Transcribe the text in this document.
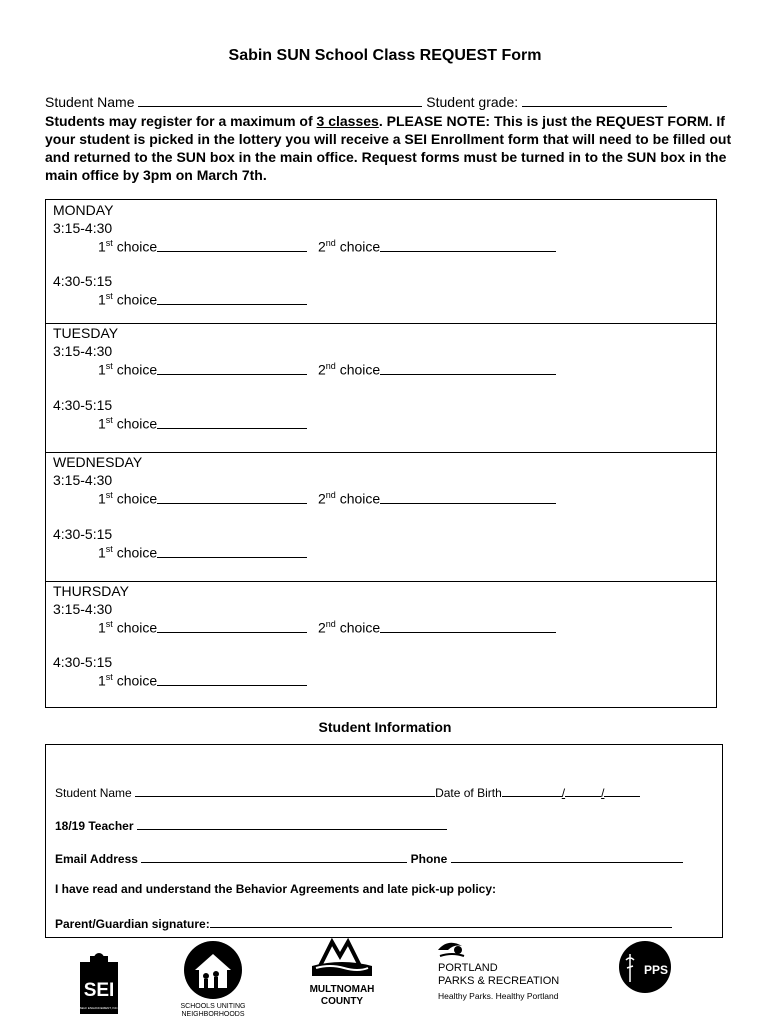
Sabin SUN School Class REQUEST Form
Student Name	Student grade:
Students may register for a maximum of 3 classes. PLEASE NOTE: This is just the REQUEST FORM. If your student is picked in the lottery you will receive a SEI Enrollment form that will need to be filled out and returned to the SUN box in the main office. Request forms must be turned in to the SUN box in the main office by 3pm on March 7th.
MONDAY
3:15-4:30
1st choice	2nd choice
4:30-5:15
1st choice
TUESDAY
3:15-4:30
1st choice	2nd choice
4:30-5:15
1st choice
WEDNESDAY
3:15-4:30
1st choice	2nd choice
4:30-5:15
1st choice
THURSDAY
3:15-4:30
1st choice	2nd choice
4:30-5:15
1st choice
Student Information
Student Name	Date of Birth	/	/
18/19 Teacher
Email Address	Phone
I have read and understand the Behavior Agreements and late pick-up policy:
Parent/Guardian signature:
SEI
SELF ENHANCEMENT, INC.	SCHOOLS UNITING
NEIGHBORHOODS
MULTNOMAH
COUNTY
PORTLAND
PARKS & RECREATION
Healthy Parks. Healthy Portland
PPS
